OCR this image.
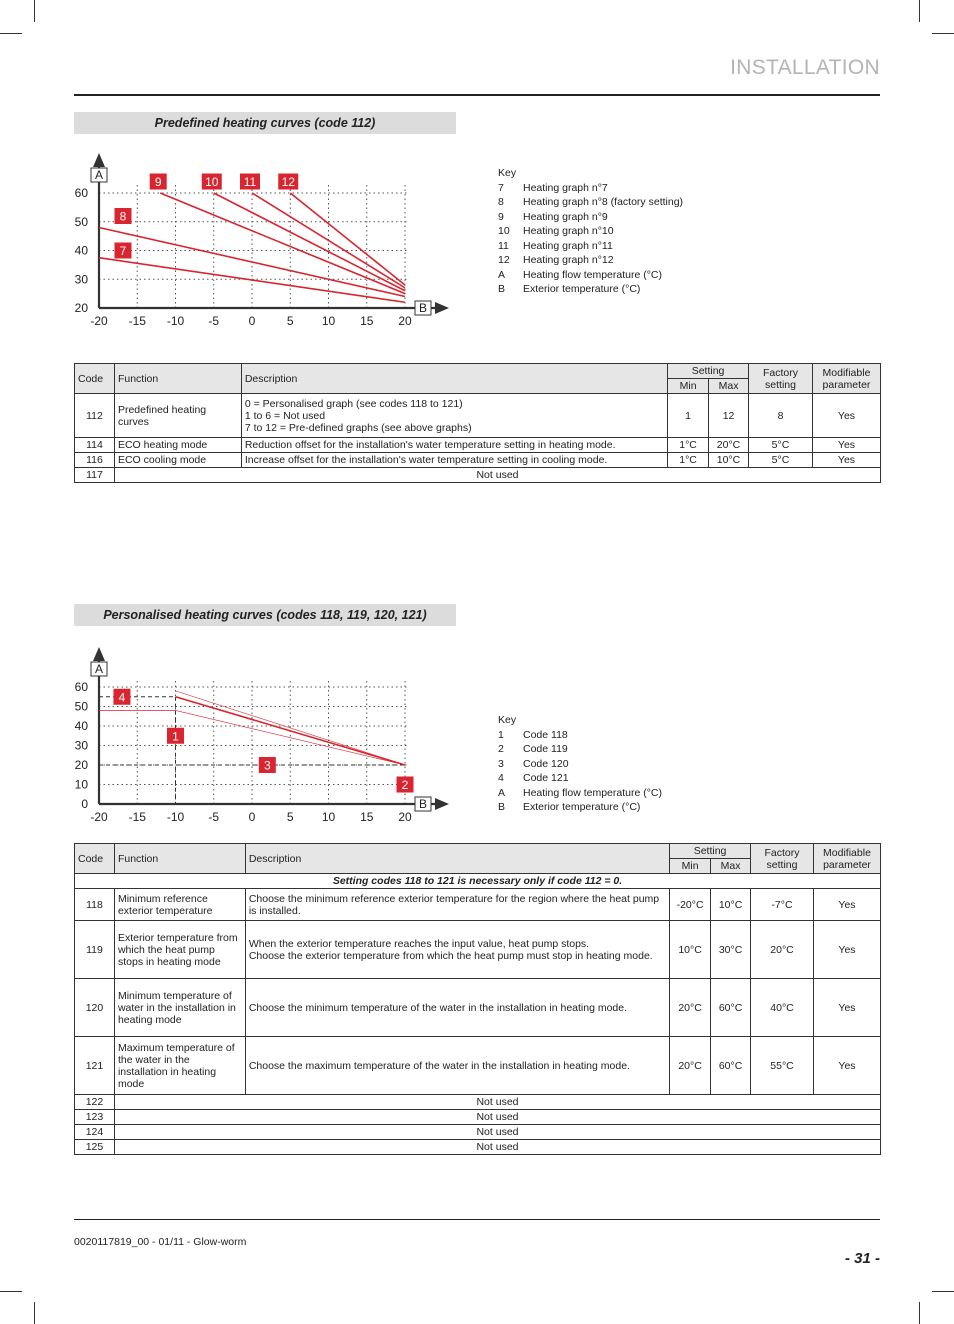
INSTALLATION
Predefined heating curves (code 112)
-20 -15 -10 -5 0	5 10 15 20
20
30
40
50
60
A
B
7
8
9	10 11 12
Key
7	Heating graph n°7
8	Heating graph n°8 (factory setting)
9	Heating graph n°9
10	Heating graph n°10
11	Heating graph n°11
12	Heating graph n°12
A	Heating flow temperature (°C)
B	Exterior temperature (°C)
Code	Function	Description	Setting		Factory setting	Modifiable parameter
			Min	Max		
112	Predefined heating curves	0 = Personalised graph (see codes 118 to 121)
1 to 6 = Not used
7 to 12 = Pre-defined graphs (see above graphs)	1	12	8	Yes
114	ECO heating mode	Reduction offset for the installation's water temperature setting in heating mode.	1°C	20°C	5°C	Yes
116	ECO cooling mode	Increase offset for the installation's water temperature setting in cooling mode.	1°C	10°C	5°C	Yes
117	Not used					
Personalised heating curves (codes 118, 119, 120, 121)
-20 -15 -10 -5 0	5 10 15 20
0
10
20
30
40
50
60
A
B
1
2
3
4
Key
1	Code 118
2	Code 119
3	Code 120
4	Code 121
A	Heating flow temperature (°C)
B	Exterior temperature (°C)
Code	Function	Description	Setting		Factory setting	Modifiable parameter
			Min	Max		
Setting codes 118 to 121 is necessary only if code 112 = 0.						
118	Minimum reference exterior temperature	Choose the minimum reference exterior temperature for the region where the heat pump is installed.	-20°C	10°C	-7°C	Yes
119	Exterior temperature from which the heat pump stops in heating mode	When the exterior temperature reaches the input value, heat pump stops.
Choose the exterior temperature from which the heat pump must stop in heating mode.	10°C	30°C	20°C	Yes
120	Minimum temperature of water in the installation in heating mode	Choose the minimum temperature of the water in the installation in heating mode.	20°C	60°C	40°C	Yes
121	Maximum temperature of the water in the installation in heating mode	Choose the maximum temperature of the water in the installation in heating mode.	20°C	60°C	55°C	Yes
122	Not used					
123	Not used					
124	Not used					
125	Not used					
0020117819_00 - 01/11 - Glow-worm
- 31 -
